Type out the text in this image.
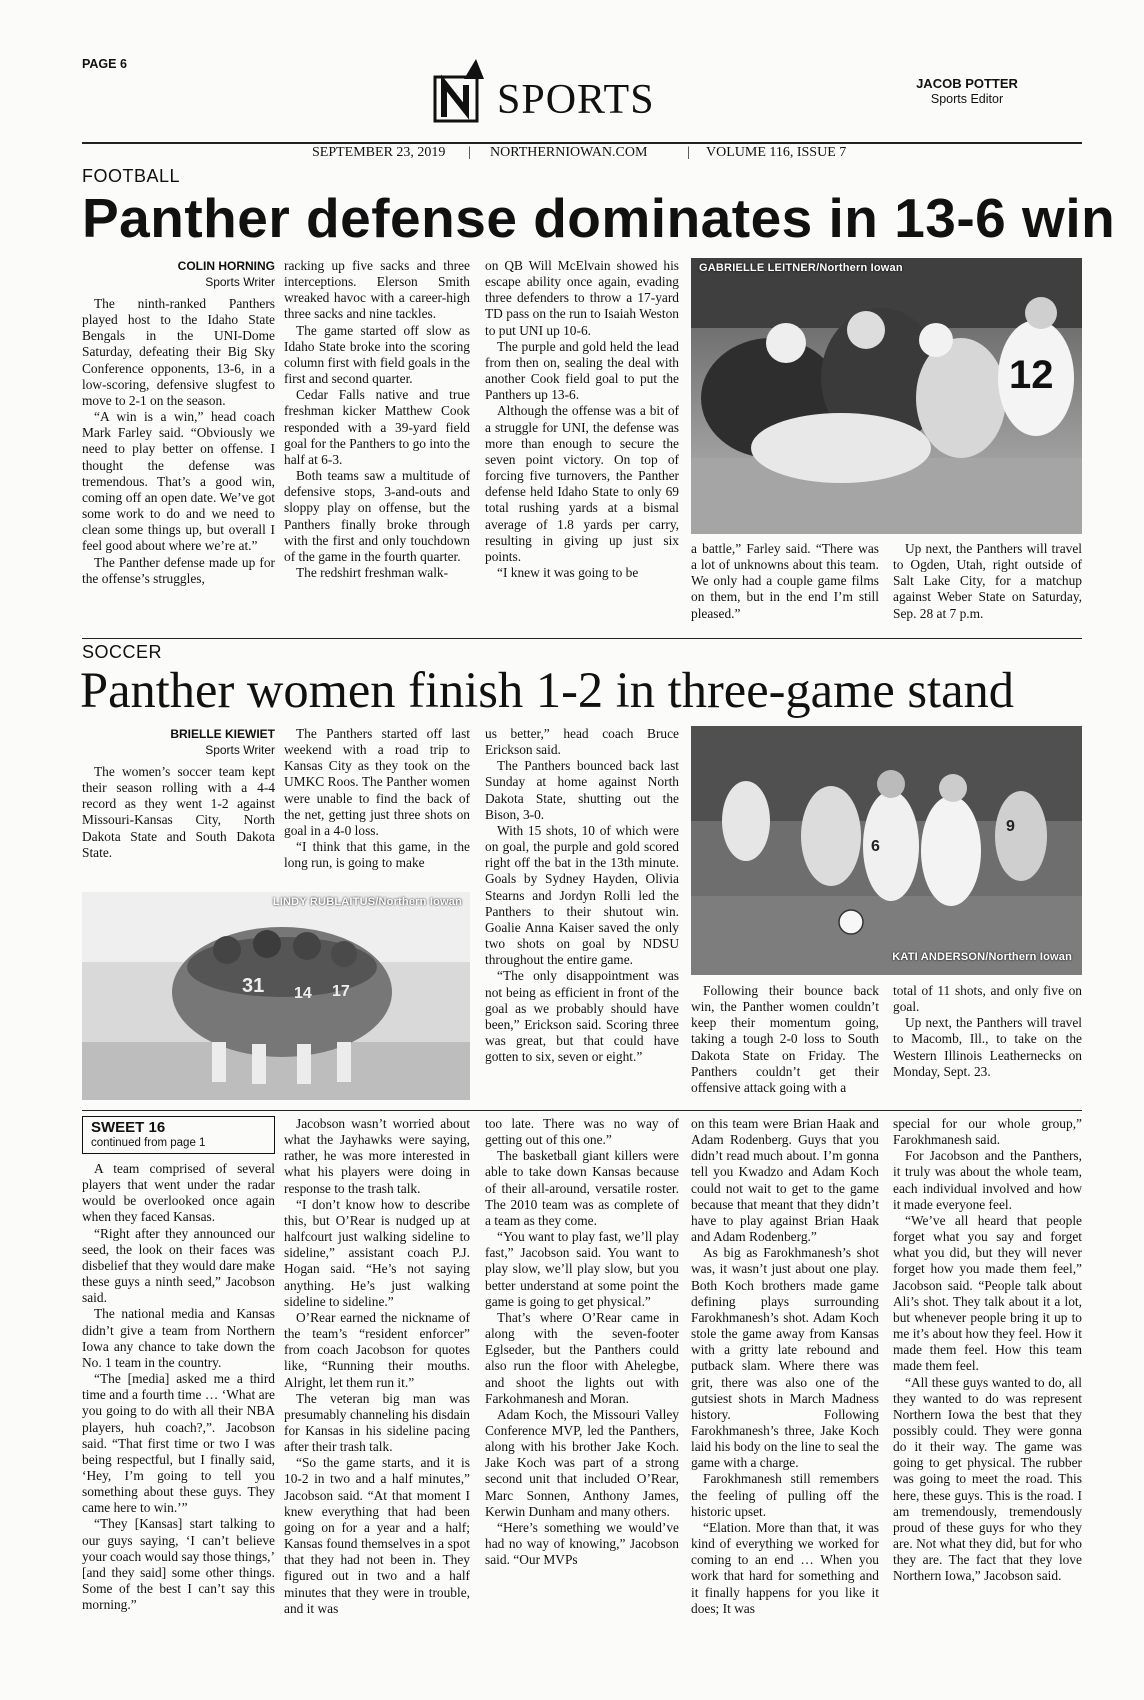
PAGE 6
SPORTS	JACOB POTTER
Sports Editor
SEPTEMBER 23, 2019 | NORTHERNIOWAN.COM	| VOLUME 116, ISSUE 7
FOOTBALL
Panther defense dominates in 13-6 win
COLIN HORNING
Sports Writer

The ninth-ranked Panthers played host to the Idaho State Bengals in the UNI-Dome Saturday, defeating their Big Sky Conference opponents, 13-6, in a low-scoring, defensive slugfest to move to 2-1 on the season.

“A win is a win,” head coach Mark Farley said. “Obviously we need to play better on offense. I thought the defense was tremendous. That’s a good win, coming off an open date. We’ve got some work to do and we need to clean some things up, but overall I feel good about where we’re at.”

The Panther defense made up for the offense’s struggles,

racking up five sacks and three interceptions. Elerson Smith wreaked havoc with a career-high three sacks and nine tackles.

The game started off slow as Idaho State broke into the scoring column first with field goals in the first and second quarter.

Cedar Falls native and true freshman kicker Matthew Cook responded with a 39-yard field goal for the Panthers to go into the half at 6-3.

Both teams saw a multitude of defensive stops, 3-and-outs and sloppy play on offense, but the Panthers finally broke through with the first and only touchdown of the game in the fourth quarter.

The redshirt freshman walk-

on QB Will McElvain showed his escape ability once again, evading three defenders to throw a 17-yard TD pass on the run to Isaiah Weston to put UNI up 10-6.

The purple and gold held the lead from then on, sealing the deal with another Cook field goal to put the Panthers up 13-6.

Although the offense was a bit of a struggle for UNI, the defense was more than enough to secure the seven point victory. On top of forcing five turnovers, the Panther defense held Idaho State to only 69 total rushing yards at a bismal average of 1.8 yards per carry, resulting in giving up just six points.

“I knew it was going to be

12
GABRIELLE LEITNER/Northern Iowan

a battle,” Farley said. “There was a lot of unknowns about this team. We only had a couple game films on them, but in the end I’m still pleased.”

Up next, the Panthers will travel to Ogden, Utah, right outside of Salt Lake City, for a matchup against Weber State on Saturday, Sep. 28 at 7 p.m.

SOCCER
Panther women finish 1-2 in three-game stand
BRIELLE KIEWIET
Sports Writer

The women’s soccer team kept their season rolling with a 4-4 record as they went 1-2 against Missouri-Kansas City, North Dakota State and South Dakota State.

The Panthers started off last weekend with a road trip to Kansas City as they took on the UMKC Roos. The Panther women were unable to find the back of the net, getting just three shots on goal in a 4-0 loss.

“I think that this game, in the long run, is going to make

31 14 17
LINDY RUBLAITUS/Northern Iowan

us better,” head coach Bruce Erickson said.

The Panthers bounced back last Sunday at home against North Dakota State, shutting out the Bison, 3-0.

With 15 shots, 10 of which were on goal, the purple and gold scored right off the bat in the 13th minute. Goals by Sydney Hayden, Olivia Stearns and Jordyn Rolli led the Panthers to their shutout win. Goalie Anna Kaiser saved the only two shots on goal by NDSU throughout the entire game.

“The only disappointment was not being as efficient in front of the goal as we probably should have been,” Erickson said. Scoring three was great, but that could have gotten to six, seven or eight.”

6
9
KATI ANDERSON/Northern Iowan

Following their bounce back win, the Panther women couldn’t keep their momentum going, taking a tough 2-0 loss to South Dakota State on Friday. The Panthers couldn’t get their offensive attack going with a

total of 11 shots, and only five on goal.

Up next, the Panthers will travel to Macomb, Ill., to take on the Western Illinois Leathernecks on Monday, Sept. 23.

SWEET 16
continued from page 1

A team comprised of several players that went under the radar would be overlooked once again when they faced Kansas.

“Right after they announced our seed, the look on their faces was disbelief that they would dare make these guys a ninth seed,” Jacobson said.

The national media and Kansas didn’t give a team from Northern Iowa any chance to take down the No. 1 team in the country.

“The [media] asked me a third time and a fourth time … ‘What are you going to do with all their NBA players, huh coach?,”. Jacobson said. “That first time or two I was being respectful, but I finally said, ‘Hey, I’m going to tell you something about these guys. They came here to win.’”

“They [Kansas] start talking to our guys saying, ‘I can’t believe your coach would say those things,’ [and they said] some other things. Some of the best I can’t say this morning.”

Jacobson wasn’t worried about what the Jayhawks were saying, rather, he was more interested in what his players were doing in response to the trash talk.

“I don’t know how to describe this, but O’Rear is nudged up at halfcourt just walking sideline to sideline,” assistant coach P.J. Hogan said. “He’s not saying anything. He’s just walking sideline to sideline.”

O’Rear earned the nickname of the team’s “resident enforcer” from coach Jacobson for quotes like, “Running their mouths. Alright, let them run it.”

The veteran big man was presumably channeling his disdain for Kansas in his sideline pacing after their trash talk.

“So the game starts, and it is 10-2 in two and a half minutes,” Jacobson said. “At that moment I knew everything that had been going on for a year and a half; Kansas found themselves in a spot that they had not been in. They figured out in two and a half minutes that they were in trouble, and it was

too late. There was no way of getting out of this one.”

The basketball giant killers were able to take down Kansas because of their all-around, versatile roster. The 2010 team was as complete of a team as they come.

“You want to play fast, we’ll play fast,” Jacobson said. You want to play slow, we’ll play slow, but you better understand at some point the game is going to get physical.”

That’s where O’Rear came in along with the seven-footer Eglseder, but the Panthers could also run the floor with Ahelegbe, and shoot the lights out with Farkohmanesh and Moran.

Adam Koch, the Missouri Valley Conference MVP, led the Panthers, along with his brother Jake Koch. Jake Koch was part of a strong second unit that included O’Rear, Marc Sonnen, Anthony James, Kerwin Dunham and many others.

“Here’s something we would’ve had no way of knowing,” Jacobson said. “Our MVPs

on this team were Brian Haak and Adam Rodenberg. Guys that you didn’t read much about. I’m gonna tell you Kwadzo and Adam Koch could not wait to get to the game because that meant that they didn’t have to play against Brian Haak and Adam Rodenberg.”

As big as Farokhmanesh’s shot was, it wasn’t just about one play. Both Koch brothers made game defining plays surrounding Farokhmanesh’s shot. Adam Koch stole the game away from Kansas with a gritty late rebound and putback slam. Where there was grit, there was also one of the gutsiest shots in March Madness history. Following Farokhmanesh’s three, Jake Koch laid his body on the line to seal the game with a charge.

Farokhmanesh still remembers the feeling of pulling off the historic upset.

“Elation. More than that, it was kind of everything we worked for coming to an end … When you work that hard for something and it finally happens for you like it does; It was

special for our whole group,” Farokhmanesh said.

For Jacobson and the Panthers, it truly was about the whole team, each individual involved and how it made everyone feel.

“We’ve all heard that people forget what you say and forget what you did, but they will never forget how you made them feel,” Jacobson said. “People talk about Ali’s shot. They talk about it a lot, but whenever people bring it up to me it’s about how they feel. How it made them feel. How this team made them feel.

“All these guys wanted to do, all they wanted to do was represent Northern Iowa the best that they possibly could. They were gonna do it their way. The game was going to get physical. The rubber was going to meet the road. This here, these guys. This is the road. I am tremendously, tremendously proud of these guys for who they are. Not what they did, but for who they are. The fact that they love Northern Iowa,” Jacobson said.
